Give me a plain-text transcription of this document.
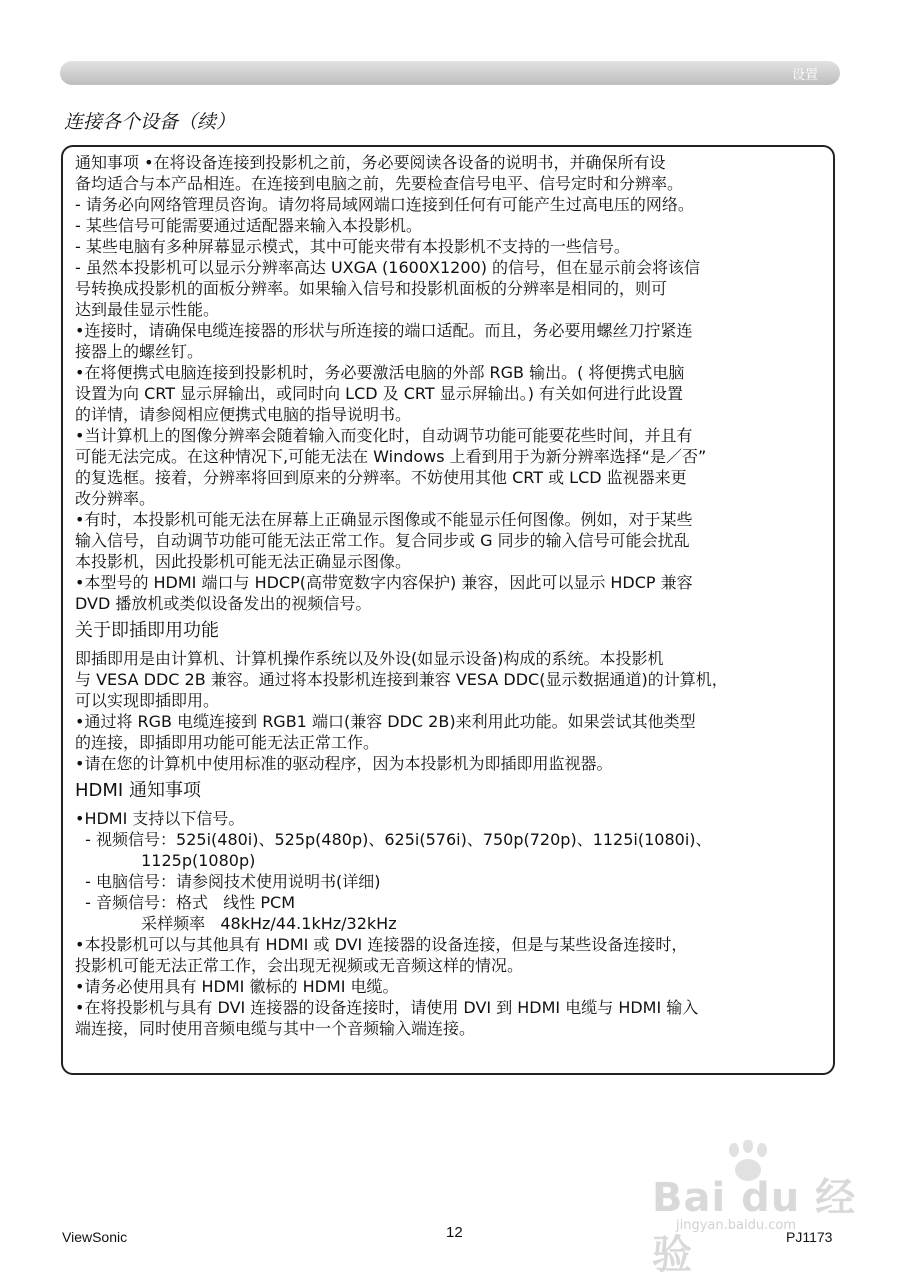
设置
连接各个设备（续）

通知事项 •在将设备连接到投影机之前，务必要阅读各设备的说明书，并确保所有设

备均适合与本产品相连。在连接到电脑之前，先要检查信号电平、信号定时和分辨率。

- 请务必向网络管理员咨询。请勿将局域网端口连接到任何有可能产生过高电压的网络。

- 某些信号可能需要通过适配器来输入本投影机。

- 某些电脑有多种屏幕显示模式，其中可能夹带有本投影机不支持的一些信号。

- 虽然本投影机可以显示分辨率高达 UXGA (1600X1200) 的信号，但在显示前会将该信

号转换成投影机的面板分辨率。如果输入信号和投影机面板的分辨率是相同的，则可

达到最佳显示性能。

•连接时，请确保电缆连接器的形状与所连接的端口适配。而且，务必要用螺丝刀拧紧连

接器上的螺丝钉。

•在将便携式电脑连接到投影机时，务必要激活电脑的外部 RGB 输出。( 将便携式电脑

设置为向 CRT 显示屏输出，或同时向 LCD 及 CRT 显示屏输出。) 有关如何进行此设置

的详情，请参阅相应便携式电脑的指导说明书。

•当计算机上的图像分辨率会随着输入而变化时，自动调节功能可能要花些时间，并且有

可能无法完成。在这种情况下,可能无法在 Windows 上看到用于为新分辨率选择“是／否”

的复选框。接着，分辨率将回到原来的分辨率。不妨使用其他 CRT 或 LCD 监视器来更

改分辨率。

•有时，本投影机可能无法在屏幕上正确显示图像或不能显示任何图像。例如，对于某些

输入信号，自动调节功能可能无法正常工作。复合同步或 G 同步的输入信号可能会扰乱

本投影机，因此投影机可能无法正确显示图像。

•本型号的 HDMI 端口与 HDCP(高带宽数字内容保护) 兼容，因此可以显示 HDCP 兼容

DVD 播放机或类似设备发出的视频信号。

关于即插即用功能

即插即用是由计算机、计算机操作系统以及外设(如显示设备)构成的系统。本投影机

与 VESA DDC 2B 兼容。通过将本投影机连接到兼容 VESA DDC(显示数据通道)的计算机，

可以实现即插即用。

•通过将 RGB 电缆连接到 RGB1 端口(兼容 DDC 2B)来利用此功能。如果尝试其他类型

的连接，即插即用功能可能无法正常工作。

•请在您的计算机中使用标准的驱动程序，因为本投影机为即插即用监视器。

HDMI 通知事项

•HDMI 支持以下信号。

- 视频信号：525i(480i)、525p(480p)、625i(576i)、750p(720p)、1125i(1080i)、

1125p(1080p)

- 电脑信号：请参阅技术使用说明书(详细)

- 音频信号：格式   线性 PCM

采样频率   48kHz/44.1kHz/32kHz

•本投影机可以与其他具有 HDMI 或 DVI 连接器的设备连接，但是与某些设备连接时，

投影机可能无法正常工作，会出现无视频或无音频这样的情况。

•请务必使用具有 HDMI 徽标的 HDMI 电缆。

•在将投影机与具有 DVI 连接器的设备连接时，请使用 DVI 到 HDMI 电缆与 HDMI 输入

端连接，同时使用音频电缆与其中一个音频输入端连接。

Bai du 经验
jingyan.baidu.com
ViewSonic	12	PJ1173
